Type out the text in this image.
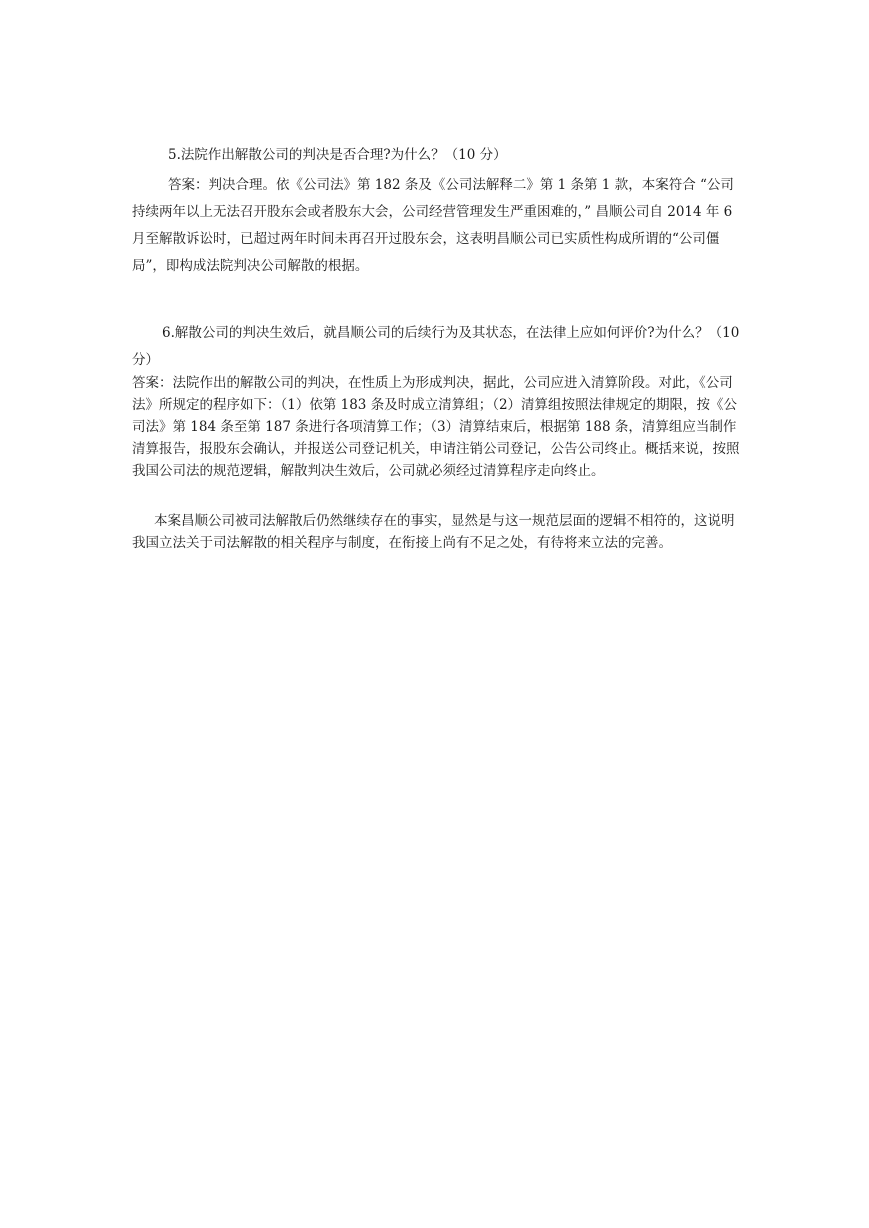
5.法院作出解散公司的判决是否合理?为什么？（10 分）
答案：判决合理。依《公司法》第 182 条及《公司法解释二》第 1 条第 1 款，本案符合 “公司持续两年以上无法召开股东会或者股东大会，公司经营管理发生严重困难的，” 昌顺公司自 2014 年 6 月至解散诉讼时，已超过两年时间未再召开过股东会，这表明昌顺公司已实质性构成所谓的“公司僵局”，即构成法院判决公司解散的根据。
6.解散公司的判决生效后，就昌顺公司的后续行为及其状态，在法律上应如何评价?为什么？（10 分）
答案：法院作出的解散公司的判决，在性质上为形成判决，据此，公司应进入清算阶段。对此，《公司法》所规定的程序如下：（1）依第 183 条及时成立清算组；（2）清算组按照法律规定的期限，按《公司法》第 184 条至第 187 条进行各项清算工作；（3）清算结束后，根据第 188 条，清算组应当制作清算报告，报股东会确认，并报送公司登记机关，申请注销公司登记，公告公司终止。概括来说，按照我国公司法的规范逻辑，解散判决生效后，公司就必须经过清算程序走向终止。
本案昌顺公司被司法解散后仍然继续存在的事实，显然是与这一规范层面的逻辑不相符的，这说明我国立法关于司法解散的相关程序与制度，在衔接上尚有不足之处，有待将来立法的完善。
